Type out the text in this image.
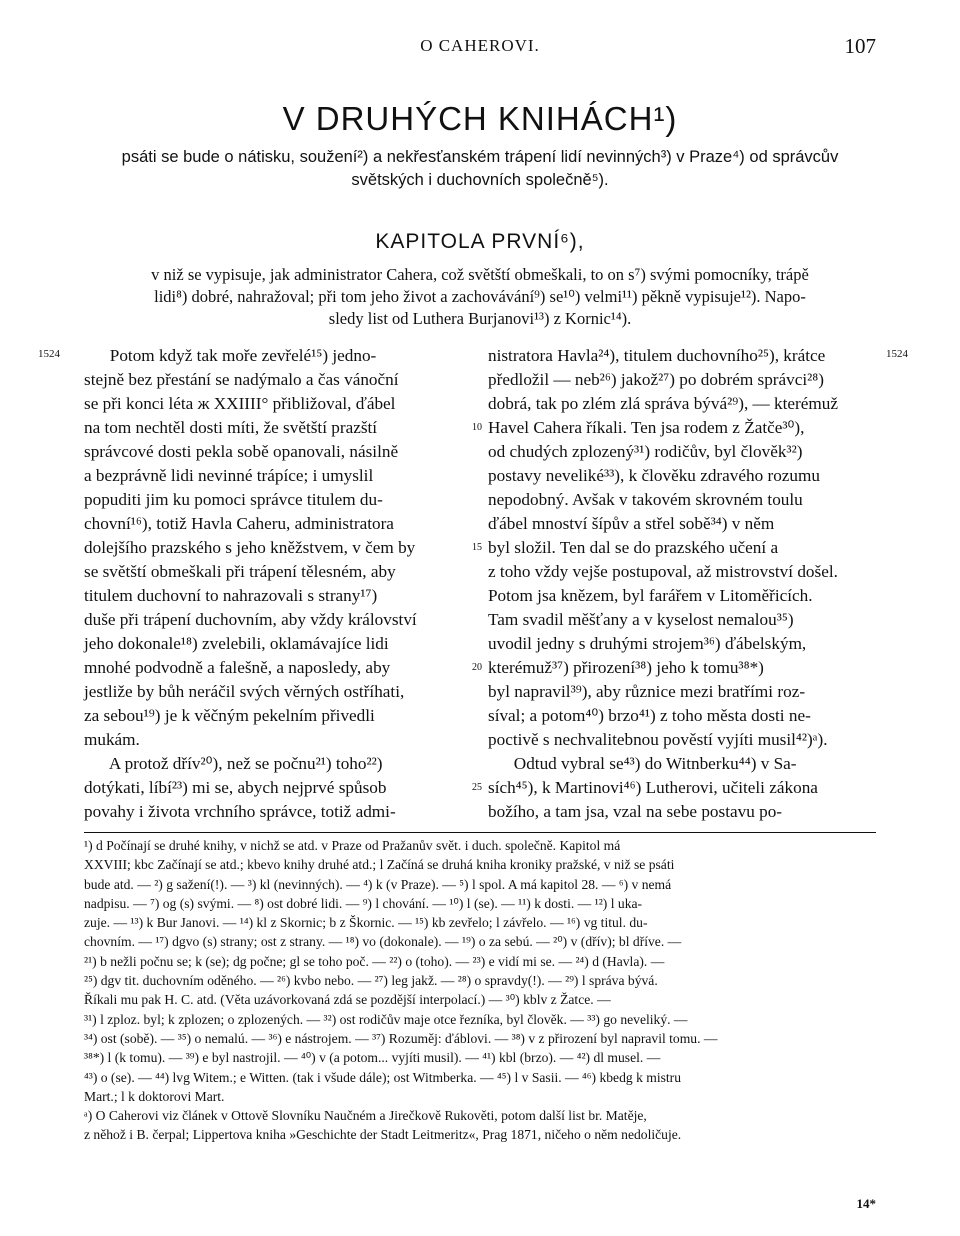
O CAHEROVI.	107
V DRUHÝCH KNIHÁCH¹)
psáti se bude o nátisku, soužení²) a nekřesťanském trápení lidí nevinných³) v Praze⁴) od správcův
světských i duchovních společně⁵).
KAPITOLA PRVNÍ⁶),
v niž se vypisuje, jak administrator Cahera, což světští obmeškali, to on s⁷) svými pomocníky, trápě
lidi⁸) dobré, nahražoval; při tom jeho život a zachovávání⁹) se¹⁰) velmi¹¹) pěkně vypisuje¹²). Napo-
sledy list od Luthera Burjanovi¹³) z Kornic¹⁴).
1524	1524
10
15
20
25
Potom když tak moře zevřelé¹⁵) jedno-
stejně bez přestání se nadýmalo a čas vánoční
se při konci léta ж XXIIII° přibližoval, ďábel
na tom nechtěl dosti míti, že světští prazští
správcové dosti pekla sobě opanovali, násilně
a bezprávně lidi nevinné trápíce; i umyslil
popuditi jim ku pomoci správce titulem du-
chovní¹⁶), totiž Havla Caheru, administratora
dolejšího prazského s jeho kněžstvem, v čem by
se světští obmeškali při trápení tělesném, aby
titulem duchovní to nahrazovali s strany¹⁷)
duše při trápení duchovním, aby vždy království
jeho dokonale¹⁸) zvelebili, oklamávajíce lidi
mnohé podvodně a falešně, a naposledy, aby
jestliže by bůh neráčil svých věrných ostříhati,
za sebou¹⁹) je k věčným pekelním přivedli
mukám.
A protož dřív²⁰), než se počnu²¹) toho²²)
dotýkati, líbí²³) mi se, abych nejprvé spůsob
povahy i života vrchního správce, totiž admi-
nistratora Havla²⁴), titulem duchovního²⁵), krátce
předložil — neb²⁶) jakož²⁷) po dobrém správci²⁸)
dobrá, tak po zlém zlá správa bývá²⁹), — kterémuž
Havel Cahera říkali. Ten jsa rodem z Žatče³⁰),
od chudých zplozený³¹) rodičův, byl člověk³²)
postavy neveliké³³), k člověku zdravého rozumu
nepodobný. Avšak v takovém skrovném toulu
ďábel mnoství šípův a střel sobě³⁴) v něm
byl složil. Ten dal se do prazského učení a
z toho vždy vejše postupoval, až mistrovství došel.
Potom jsa knězem, byl farářem v Litoměřicích.
Tam svadil měšťany a v kyselost nemalou³⁵)
uvodil jedny s druhými strojem³⁶) ďábelským,
kterémuž³⁷) přirození³⁸) jeho k tomu³⁸*)
byl napravil³⁹), aby různice mezi bratřími roz-
síval; a potom⁴⁰) brzo⁴¹) z toho města dosti ne-
poctivě s nechvalitebnou pověstí vyjíti musil⁴²)ᵃ).
Odtud vybral se⁴³) do Witnberku⁴⁴) v Sa-
sích⁴⁵), k Martinovi⁴⁶) Lutherovi, učiteli zákona
božího, a tam jsa, vzal na sebe postavu po-
¹) d Počínají se druhé knihy, v nichž se atd. v Praze od Pražanův svět. i duch. společně. Kapitol má
XXVIII; kbc Začínají se atd.; kbevo knihy druhé atd.; l Začíná se druhá kniha kroniky pražské, v niž se psáti
bude atd. — ²) g sažení(!). — ³) kl (nevinných). — ⁴) k (v Praze). — ⁵) l spol. A má kapitol 28. — ⁶) v nemá
nadpisu. — ⁷) og (s) svými. — ⁸) ost dobré lidi. — ⁹) l chování. — ¹⁰) l (se). — ¹¹) k dosti. — ¹²) l uka-
zuje. — ¹³) k Bur Janovi. — ¹⁴) kl z Skornic; b z Škornic. — ¹⁵) kb zevřelo; l závřelo. — ¹⁶) vg titul. du-
chovním. — ¹⁷) dgvo (s) strany; ost z strany. — ¹⁸) vo (dokonale). — ¹⁹) o za sebú. — ²⁰) v (dřív); bl dříve. —
²¹) b nežli počnu se; k (se); dg počne; gl se toho poč. — ²²) o (toho). — ²³) e vidí mi se. — ²⁴) d (Havla). —
²⁵) dgv tit. duchovním oděného. — ²⁶) kvbo nebo. — ²⁷) leg jakž. — ²⁸) o spravdy(!). — ²⁹) l správa bývá.
Říkali mu pak H. C. atd. (Věta uzávorkovaná zdá se pozdější interpolací.) — ³⁰) kblv z Žatce. —
³¹) l zploz. byl; k zplozen; o zplozených. — ³²) ost rodičův maje otce řezníka, byl člověk. — ³³) go neveliký. —
³⁴) ost (sobě). — ³⁵) o nemalú. — ³⁶) e nástrojem. — ³⁷) Rozuměj: ďáblovi. — ³⁸) v z přirození byl napravil tomu. —
³⁸*) l (k tomu). — ³⁹) e byl nastrojil. — ⁴⁰) v (a potom... vyjíti musil). — ⁴¹) kbl (brzo). — ⁴²) dl musel. —
⁴³) o (se). — ⁴⁴) lvg Witem.; e Witten. (tak i všude dále); ost Witmberka. — ⁴⁵) l v Sasii. — ⁴⁶) kbedg k mistru
Mart.; l k doktorovi Mart.
ᵃ) O Caherovi viz článek v Ottově Slovníku Naučném a Jirečkově Rukověti, potom další list br. Matěje,
z něhož i B. čerpal; Lippertova kniha »Geschichte der Stadt Leitmeritz«, Prag 1871, ničeho o něm nedoličuje.
14*
